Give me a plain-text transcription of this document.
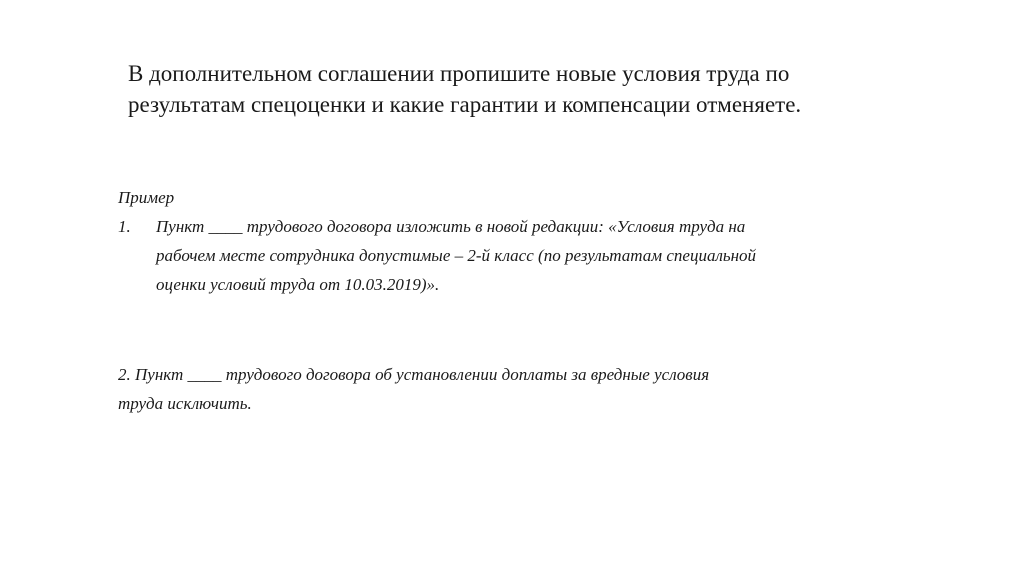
В дополнительном соглашении пропишите новые условия труда по
результатам спецоценки и какие гарантии и компенсации отменяете.
Пример
1. Пункт ____ трудового договора изложить в новой редакции: «Условия труда на
рабочем месте сотрудника допустимые – 2-й класс (по результатам специальной
оценки условий труда от 10.03.2019)».
2. Пункт ____ трудового договора об установлении доплаты за вредные условия
труда исключить.
